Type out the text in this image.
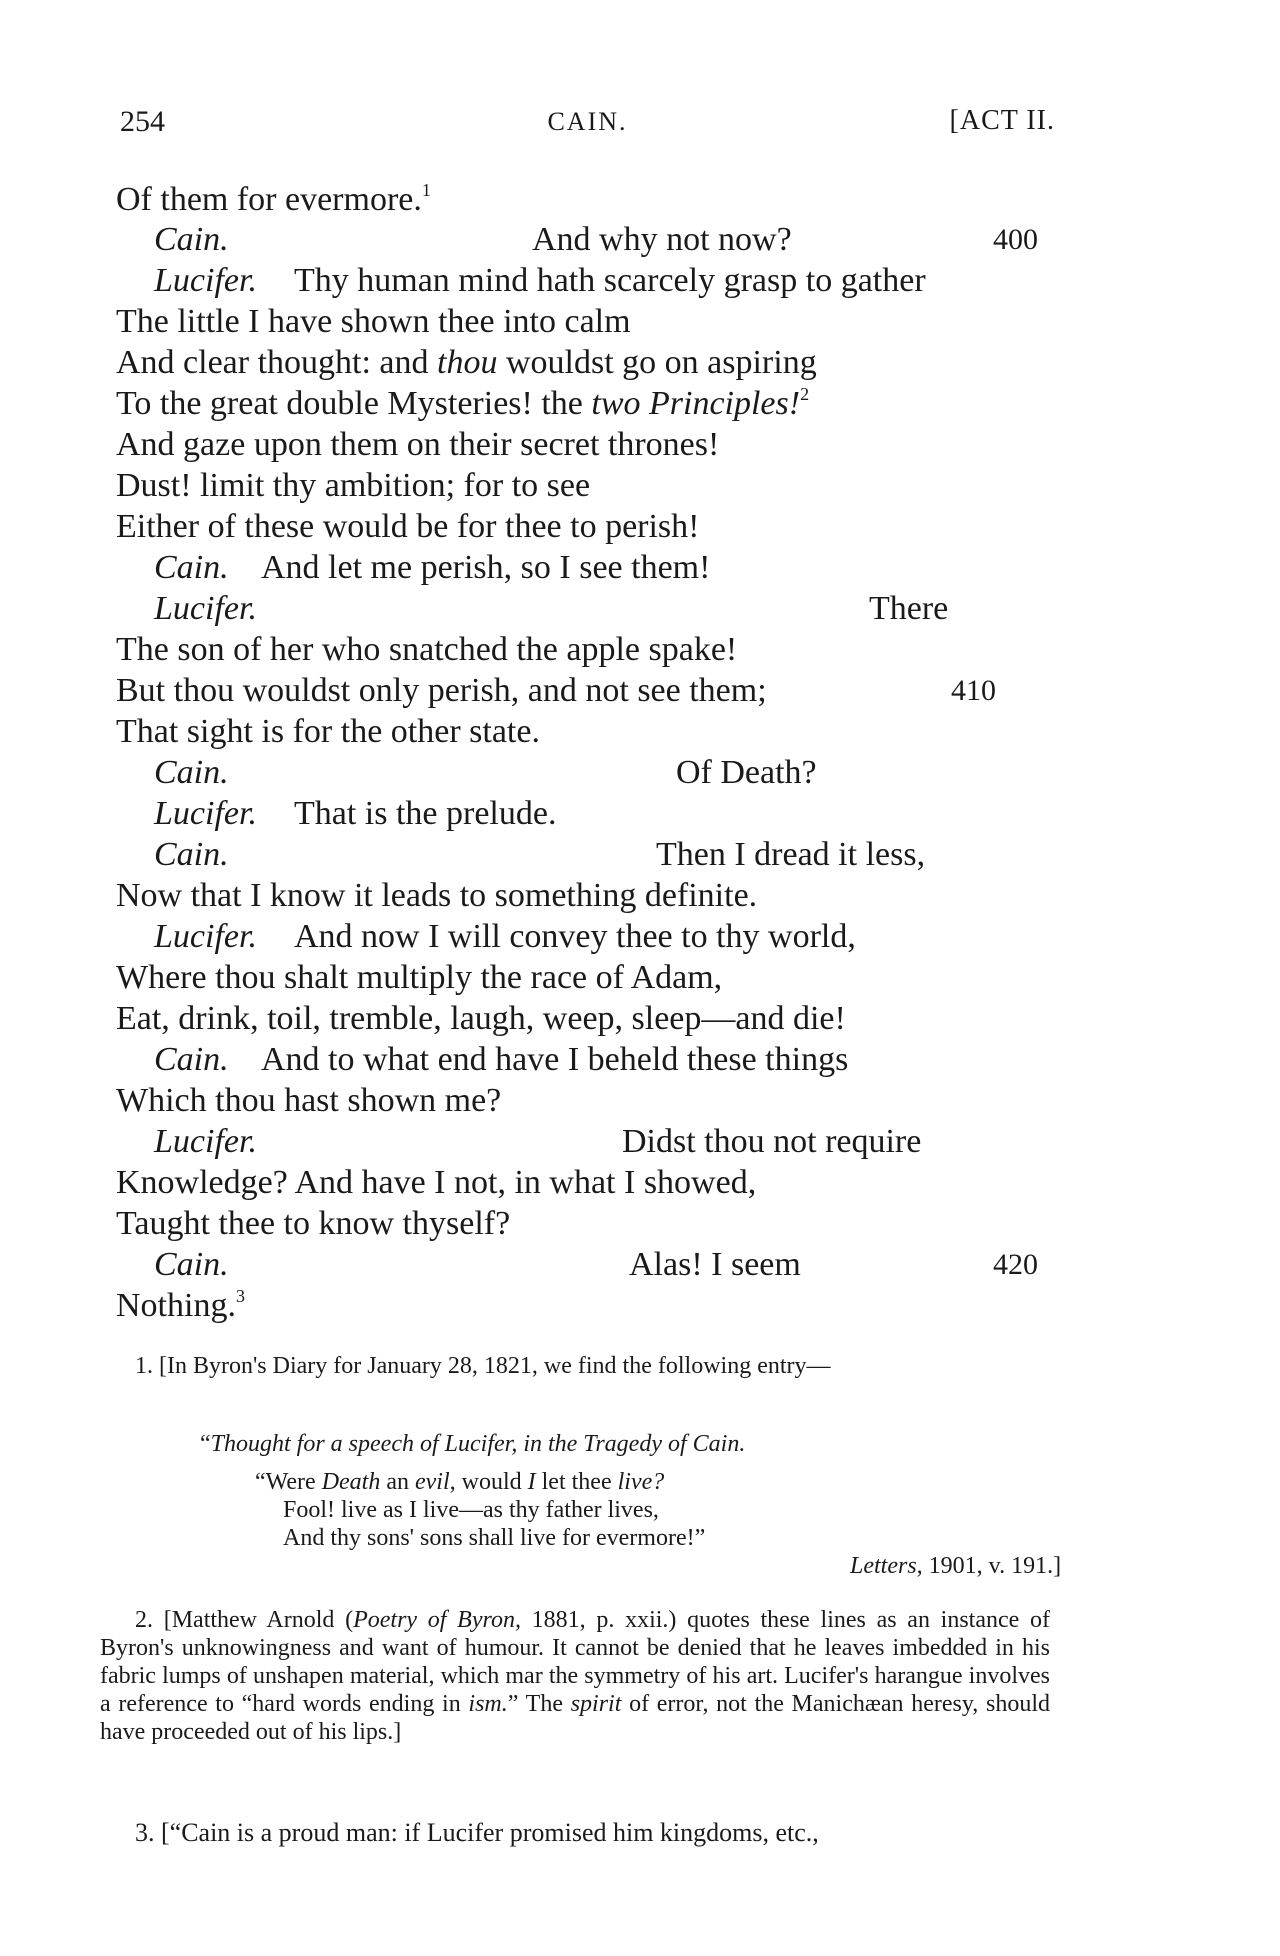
254	CAIN.	[ACT II.
Of them for evermore.$^1$
Cain.	And why not now?	400
Lucifer. Thy human mind hath scarcely grasp to gather
The little I have shown thee into calm
And clear thought: and thou wouldst go on aspiring
To the great double Mysteries! the two Principles!$^2$
And gaze upon them on their secret thrones!
Dust! limit thy ambition; for to see
Either of these would be for thee to perish!
Cain. And let me perish, so I see them!
Lucifer.	There
The son of her who snatched the apple spake!
But thou wouldst only perish, and not see them;	410
That sight is for the other state.
Cain.	Of Death?
Lucifer. That is the prelude.
Cain.	Then I dread it less,
Now that I know it leads to something definite.
Lucifer. And now I will convey thee to thy world,
Where thou shalt multiply the race of Adam,
Eat, drink, toil, tremble, laugh, weep, sleep—and die!
Cain. And to what end have I beheld these things
Which thou hast shown me?
Lucifer.	Didst thou not require
Knowledge? And have I not, in what I showed,
Taught thee to know thyself?
Cain.	Alas! I seem	420
Nothing.$^3$

1. [In Byron's Diary for January 28, 1821, we find the following entry—

“Thought for a speech of Lucifer, in the Tragedy of Cain.
“Were Death an evil, would I let thee live?
Fool! live as I live—as thy father lives,
And thy sons' sons shall live for evermore!”
Letters, 1901, v. 191.]

2. [Matthew Arnold (Poetry of Byron, 1881, p. xxii.) quotes these lines as an instance of Byron's unknowingness and want of humour. It cannot be denied that he leaves imbedded in his fabric lumps of unshapen material, which mar the symmetry of his art. Lucifer's harangue involves a reference to “hard words ending in ism.” The spirit of error, not the Manichæan heresy, should have proceeded out of his lips.]

3. [“Cain is a proud man: if Lucifer promised him kingdoms, etc.,
